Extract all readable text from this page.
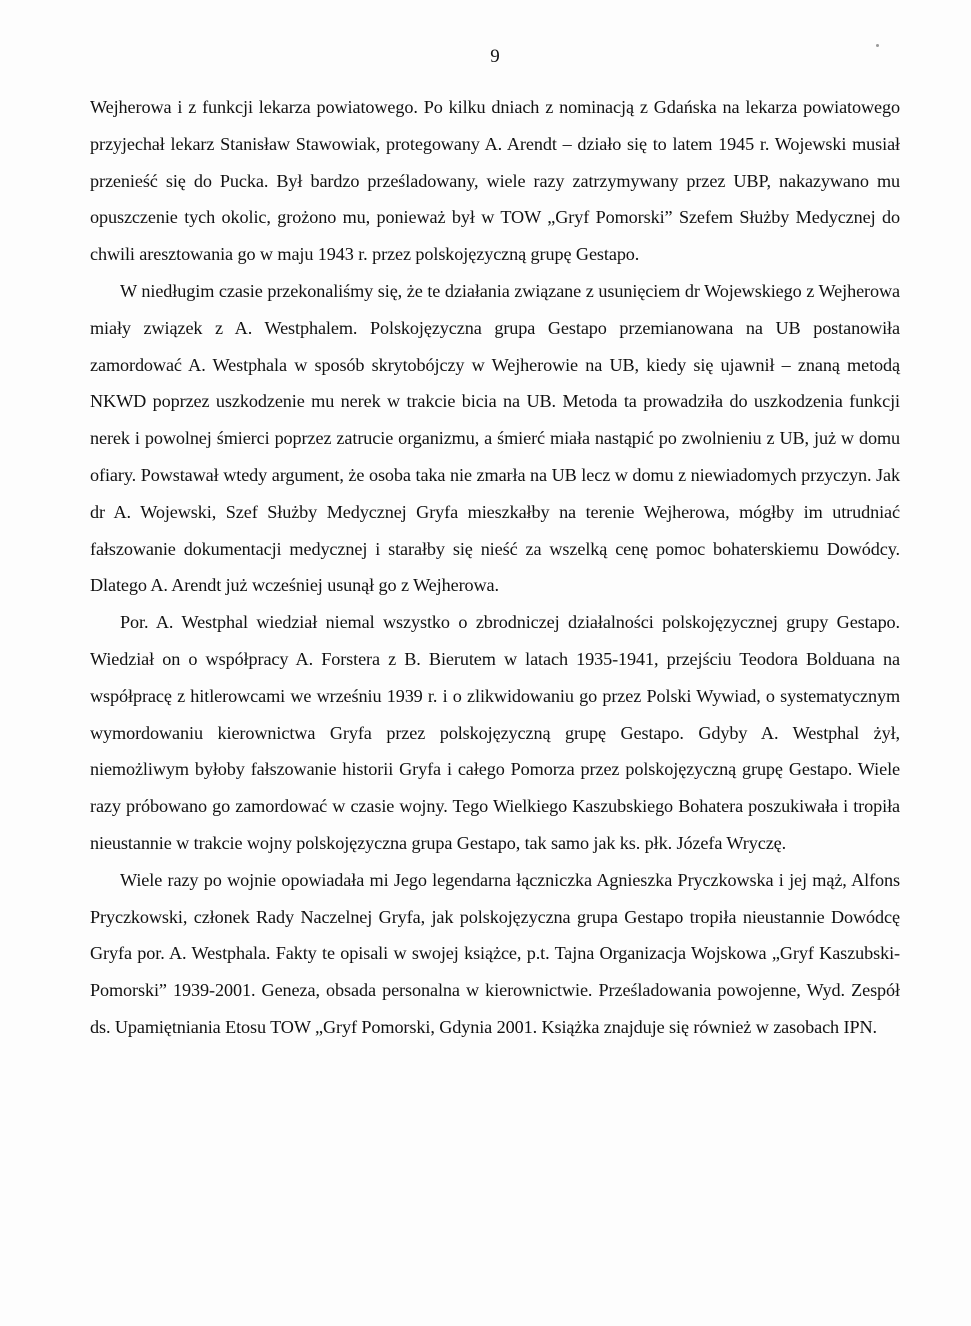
9

Wejherowa i z funkcji lekarza powiatowego. Po kilku dniach z nominacją z Gdańska na lekarza powiatowego przyjechał lekarz Stanisław Stawowiak, protegowany A. Arendt – działo się to latem 1945 r. Wojewski musiał przenieść się do Pucka. Był bardzo prześladowany, wiele razy zatrzymywany przez UBP, nakazywano mu opuszczenie tych okolic, grożono mu, ponieważ był w TOW „Gryf Pomorski” Szefem Służby Medycznej do chwili aresztowania go w maju 1943 r. przez polskojęzyczną grupę Gestapo.

W niedługim czasie przekonaliśmy się, że te działania związane z usunięciem dr Wojewskiego z Wejherowa miały związek z A. Westphalem. Polskojęzyczna grupa Gestapo przemianowana na UB postanowiła zamordować A. Westphala w sposób skrytobójczy w Wejherowie na UB, kiedy się ujawnił – znaną metodą NKWD poprzez uszkodzenie mu nerek w trakcie bicia na UB. Metoda ta prowadziła do uszkodzenia funkcji nerek i powolnej śmierci poprzez zatrucie organizmu, a śmierć miała nastąpić po zwolnieniu z UB, już w domu ofiary. Powstawał wtedy argument, że osoba taka nie zmarła na UB lecz w domu z niewiadomych przyczyn. Jak dr A. Wojewski, Szef Służby Medycznej Gryfa mieszkałby na terenie Wejherowa, mógłby im utrudniać fałszowanie dokumentacji medycznej i starałby się nieść za wszelką cenę pomoc bohaterskiemu Dowódcy. Dlatego A. Arendt już wcześniej usunął go z Wejherowa.

Por. A. Westphal wiedział niemal wszystko o zbrodniczej działalności polskojęzycznej grupy Gestapo. Wiedział on o współpracy A. Forstera z B. Bierutem w latach 1935-1941, przejściu Teodora Bolduana na współpracę z hitlerowcami we wrześniu 1939 r. i o zlikwidowaniu go przez Polski Wywiad, o systematycznym wymordowaniu kierownictwa Gryfa przez polskojęzyczną grupę Gestapo. Gdyby A. Westphal żył, niemożliwym byłoby fałszowanie historii Gryfa i całego Pomorza przez polskojęzyczną grupę Gestapo. Wiele razy próbowano go zamordować w czasie wojny. Tego Wielkiego Kaszubskiego Bohatera poszukiwała i tropiła nieustannie w trakcie wojny polskojęzyczna grupa Gestapo, tak samo jak ks. płk. Józefa Wryczę.

Wiele razy po wojnie opowiadała mi Jego legendarna łączniczka Agnieszka Pryczkowska i jej mąż, Alfons Pryczkowski, członek Rady Naczelnej Gryfa, jak polskojęzyczna grupa Gestapo tropiła nieustannie Dowódcę Gryfa por. A. Westphala. Fakty te opisali w swojej książce, p.t. Tajna Organizacja Wojskowa „Gryf Kaszubski-Pomorski” 1939-2001. Geneza, obsada personalna w kierownictwie. Prześladowania powojenne, Wyd. Zespół ds. Upamiętniania Etosu TOW „Gryf Pomorski, Gdynia 2001. Książka znajduje się również w zasobach IPN.
